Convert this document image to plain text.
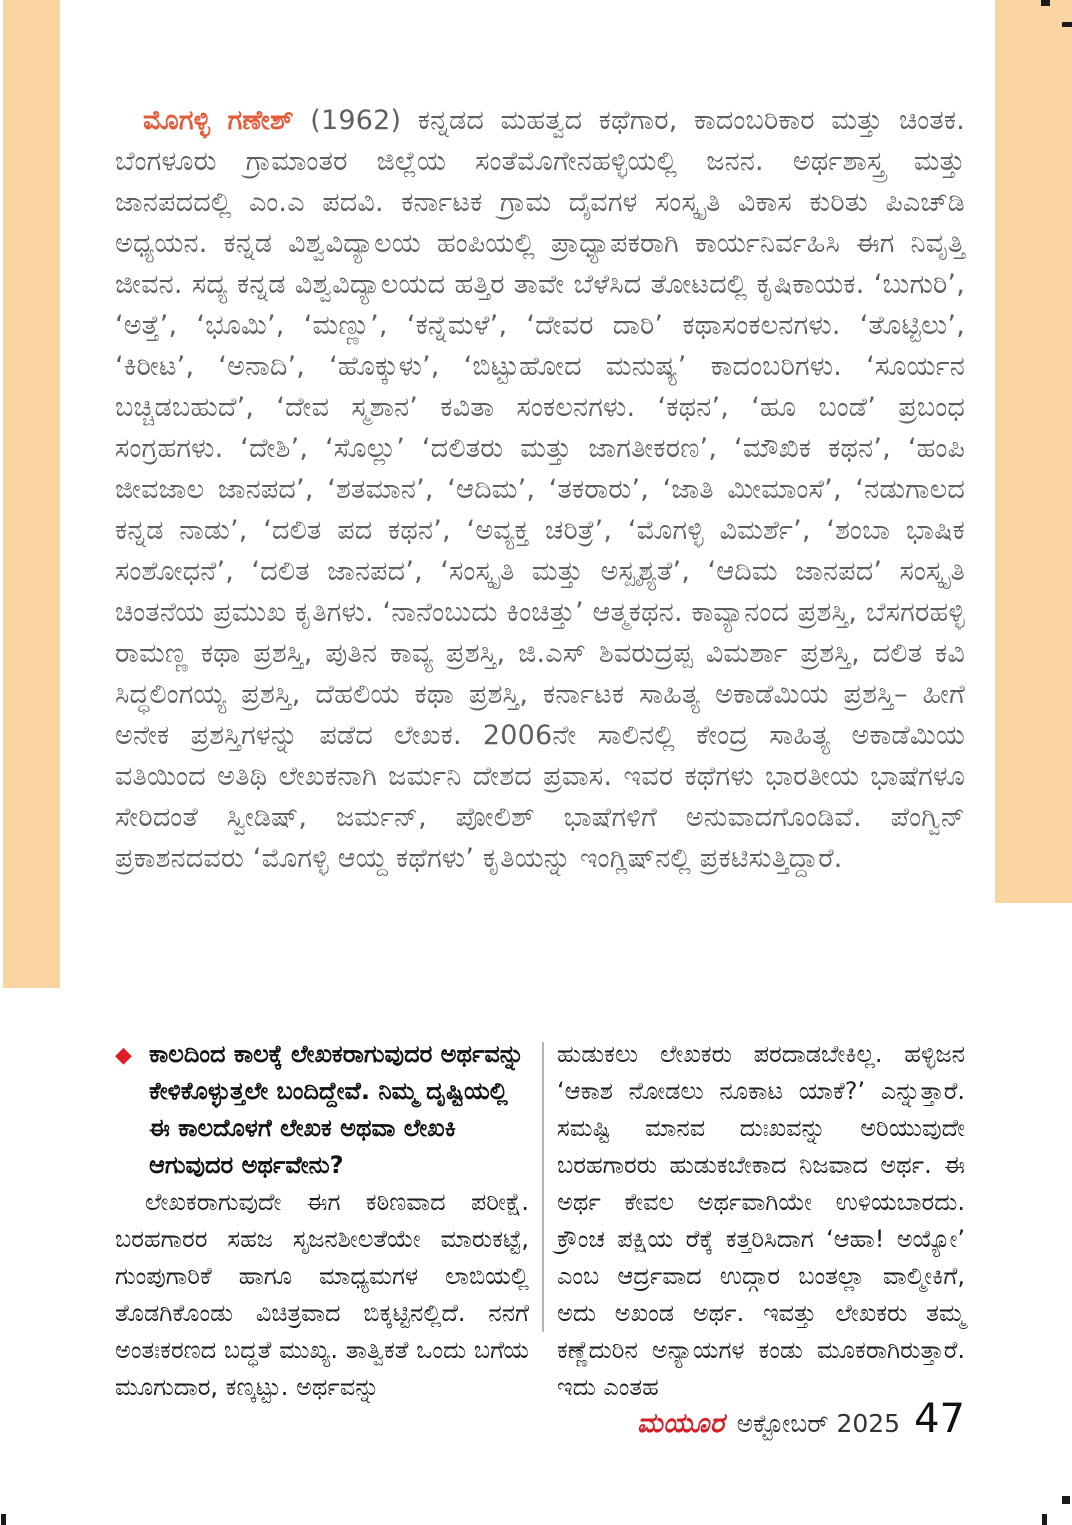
ಮೊಗಳ್ಳಿ ಗಣೇಶ್ (1962) ಕನ್ನಡದ ಮಹತ್ವದ ಕಥೆಗಾರ, ಕಾದಂಬರಿಕಾರ ಮತ್ತು ಚಿಂತಕ. ಬೆಂಗಳೂರು ಗ್ರಾಮಾಂತರ ಜಿಲ್ಲೆಯ ಸಂತೆಮೊಗೇನಹಳ್ಳಿಯಲ್ಲಿ ಜನನ. ಅರ್ಥಶಾಸ್ತ್ರ ಮತ್ತು ಜಾನಪದದಲ್ಲಿ ಎಂ.ಎ ಪದವಿ. ಕರ್ನಾಟಕ ಗ್ರಾಮ ದೈವಗಳ ಸಂಸ್ಕೃತಿ ವಿಕಾಸ ಕುರಿತು ಪಿಎಚ್‌ಡಿ ಅಧ್ಯಯನ. ಕನ್ನಡ ವಿಶ್ವವಿದ್ಯಾಲಯ ಹಂಪಿಯಲ್ಲಿ ಪ್ರಾಧ್ಯಾಪಕರಾಗಿ ಕಾರ್ಯನಿರ್ವಹಿಸಿ ಈಗ ನಿವೃತ್ತಿ ಜೀವನ. ಸದ್ಯ ಕನ್ನಡ ವಿಶ್ವವಿದ್ಯಾಲಯದ ಹತ್ತಿರ ತಾವೇ ಬೆಳೆಸಿದ ತೋಟದಲ್ಲಿ ಕೃಷಿಕಾಯಕ. ‘ಬುಗುರಿ’, ‘ಅತ್ತೆ’, ‘ಭೂಮಿ’, ‘ಮಣ್ಣು’, ‘ಕನ್ನೆಮಳೆ’, ‘ದೇವರ ದಾರಿ’ ಕಥಾಸಂಕಲನಗಳು. ‘ತೊಟ್ಟಿಲು’, ‘ಕಿರೀಟ’, ‘ಅನಾದಿ’, ‘ಹೊಕ್ಕುಳು’, ‘ಬಿಟ್ಟುಹೋದ ಮನುಷ್ಯ’ ಕಾದಂಬರಿಗಳು. ‘ಸೂರ್ಯನ ಬಚ್ಚಿಡಬಹುದೆ’, ‘ದೇವ ಸ್ಮಶಾನ’ ಕವಿತಾ ಸಂಕಲನಗಳು. ‘ಕಥನ’, ‘ಹೂ ಬಂಡೆ’ ಪ್ರಬಂಧ ಸಂಗ್ರಹಗಳು. ‘ದೇಶಿ’, ‘ಸೊಲ್ಲು’ ‘ದಲಿತರು ಮತ್ತು ಜಾಗತೀಕರಣ’, ‘ಮೌಖಿಕ ಕಥನ’, ‘ಹಂಪಿ ಜೀವಜಾಲ ಜಾನಪದ’, ‘ಶತಮಾನ’, ‘ಆದಿಮ’, ‘ತಕರಾರು’, ‘ಜಾತಿ ಮೀಮಾಂಸೆ’, ‘ನಡುಗಾಲದ ಕನ್ನಡ ನಾಡು’, ‘ದಲಿತ ಪದ ಕಥನ’, ‘ಅವ್ಯಕ್ತ ಚರಿತ್ರೆ’, ‘ಮೊಗಳ್ಳಿ ವಿಮರ್ಶೆ’, ‘ಶಂಬಾ ಭಾಷಿಕ ಸಂಶೋಧನೆ’, ‘ದಲಿತ ಜಾನಪದ’, ‘ಸಂಸ್ಕೃತಿ ಮತ್ತು ಅಸ್ಪೃಶ್ಯತೆ’, ‘ಆದಿಮ ಜಾನಪದ’ ಸಂಸ್ಕೃತಿ ಚಿಂತನೆಯ ಪ್ರಮುಖ ಕೃತಿಗಳು. ‘ನಾನೆಂಬುದು ಕಿಂಚಿತ್ತು’ ಆತ್ಮಕಥನ. ಕಾವ್ಯಾನಂದ ಪ್ರಶಸ್ತಿ, ಬೆಸಗರಹಳ್ಳಿ ರಾಮಣ್ಣ ಕಥಾ ಪ್ರಶಸ್ತಿ, ಪುತಿನ ಕಾವ್ಯ ಪ್ರಶಸ್ತಿ, ಜಿ.ಎಸ್ ಶಿವರುದ್ರಪ್ಪ ವಿಮರ್ಶಾ ಪ್ರಶಸ್ತಿ, ದಲಿತ ಕವಿ ಸಿದ್ಧಲಿಂಗಯ್ಯ ಪ್ರಶಸ್ತಿ, ದೆಹಲಿಯ ಕಥಾ ಪ್ರಶಸ್ತಿ, ಕರ್ನಾಟಕ ಸಾಹಿತ್ಯ ಅಕಾಡೆಮಿಯ ಪ್ರಶಸ್ತಿ– ಹೀಗೆ ಅನೇಕ ಪ್ರಶಸ್ತಿಗಳನ್ನು ಪಡೆದ ಲೇಖಕ. 2006ನೇ ಸಾಲಿನಲ್ಲಿ ಕೇಂದ್ರ ಸಾಹಿತ್ಯ ಅಕಾಡೆಮಿಯ ವತಿಯಿಂದ ಅತಿಥಿ ಲೇಖಕನಾಗಿ ಜರ್ಮನಿ ದೇಶದ ಪ್ರವಾಸ. ಇವರ ಕಥೆಗಳು ಭಾರತೀಯ ಭಾಷೆಗಳೂ ಸೇರಿದಂತೆ ಸ್ವೀಡಿಷ್, ಜರ್ಮನ್, ಪೋಲಿಶ್ ಭಾಷೆಗಳಿಗೆ ಅನುವಾದಗೊಂಡಿವೆ. ಪೆಂಗ್ವಿನ್ ಪ್ರಕಾಶನದವರು ‘ಮೊಗಳ್ಳಿ ಆಯ್ದ ಕಥೆಗಳು’ ಕೃತಿಯನ್ನು ಇಂಗ್ಲಿಷ್‌ನಲ್ಲಿ ಪ್ರಕಟಿಸುತ್ತಿದ್ದಾರೆ.
◆ ಕಾಲದಿಂದ ಕಾಲಕ್ಕೆ ಲೇಖಕರಾಗುವುದರ ಅರ್ಥವನ್ನು ಕೇಳಿಕೊಳ್ಳುತ್ತಲೇ ಬಂದಿದ್ದೇವೆ. ನಿಮ್ಮ ದೃಷ್ಟಿಯಲ್ಲಿ ಈ ಕಾಲದೊಳಗೆ ಲೇಖಕ ಅಥವಾ ಲೇಖಕಿ ಆಗುವುದರ ಅರ್ಥವೇನು?
ಲೇಖಕರಾಗುವುದೇ ಈಗ ಕಠಿಣವಾದ ಪರೀಕ್ಷೆ. ಬರಹಗಾರರ ಸಹಜ ಸೃಜನಶೀಲತೆಯೇ ಮಾರುಕಟ್ಟೆ, ಗುಂಪುಗಾರಿಕೆ ಹಾಗೂ ಮಾಧ್ಯಮಗಳ ಲಾಬಿಯಲ್ಲಿ ತೊಡಗಿಕೊಂಡು ವಿಚಿತ್ರವಾದ ಬಿಕ್ಕಟ್ಟಿನಲ್ಲಿದೆ. ನನಗೆ ಅಂತಃಕರಣದ ಬದ್ಧತೆ ಮುಖ್ಯ. ತಾತ್ವಿಕತೆ ಒಂದು ಬಗೆಯ ಮೂಗುದಾರ, ಕಣ್ಕಟ್ಟು. ಅರ್ಥವನ್ನು
ಹುಡುಕಲು ಲೇಖಕರು ಪರದಾಡಬೇಕಿಲ್ಲ. ಹಳ್ಳಿಜನ ‘ಆಕಾಶ ನೋಡಲು ನೂಕಾಟ ಯಾಕೆ?’ ಎನ್ನುತ್ತಾರೆ. ಸಮಷ್ಟಿ ಮಾನವ ದುಃಖವನ್ನು ಅರಿಯುವುದೇ ಬರಹಗಾರರು ಹುಡುಕಬೇಕಾದ ನಿಜವಾದ ಅರ್ಥ. ಈ ಅರ್ಥ ಕೇವಲ ಅರ್ಥವಾಗಿಯೇ ಉಳಿಯಬಾರದು. ಕ್ರೌಂಚ ಪಕ್ಷಿಯ ರೆಕ್ಕೆ ಕತ್ತರಿಸಿದಾಗ ‘ಆಹಾ! ಅಯ್ಯೋ’ ಎಂಬ ಆರ್ದ್ರವಾದ ಉದ್ಗಾರ ಬಂತಲ್ಲಾ ವಾಲ್ಮೀಕಿಗೆ, ಅದು ಅಖಂಡ ಅರ್ಥ. ಇವತ್ತು ಲೇಖಕರು ತಮ್ಮ ಕಣ್ಣೆದುರಿನ ಅನ್ಯಾಯಗಳ ಕಂಡು ಮೂಕರಾಗಿರುತ್ತಾರೆ. ಇದು ಎಂತಹ
ಮಯೂರ ಅಕ್ಟೋಬರ್ 2025 47
